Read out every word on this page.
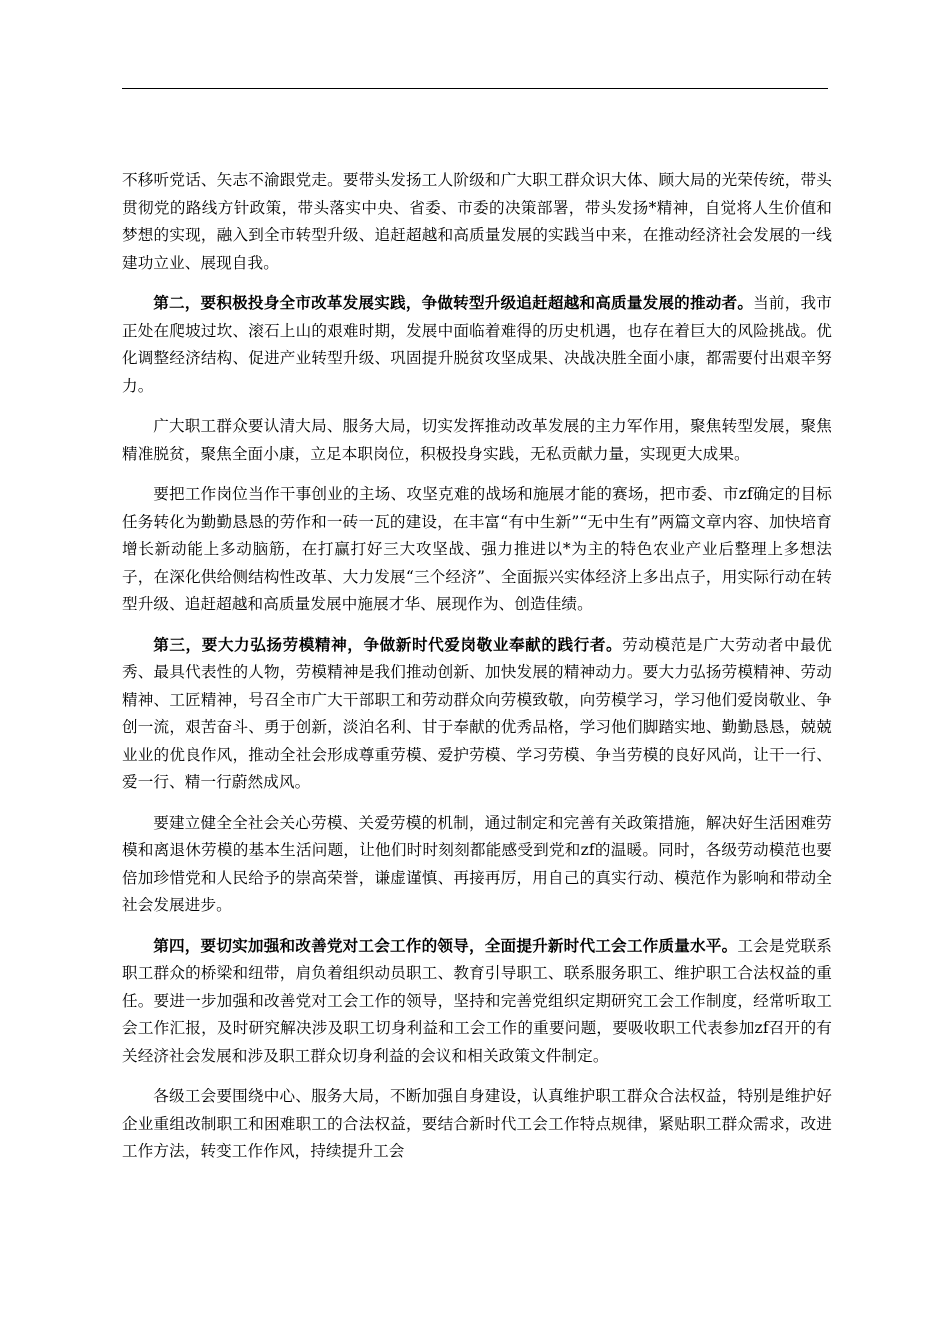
不移听党话、矢志不渝跟党走。要带头发扬工人阶级和广大职工群众识大体、顾大局的光荣传统，带头贯彻党的路线方针政策，带头落实中央、省委、市委的决策部署，带头发扬*精神，自觉将人生价值和梦想的实现，融入到全市转型升级、追赶超越和高质量发展的实践当中来，在推动经济社会发展的一线建功立业、展现自我。

第二，要积极投身全市改革发展实践，争做转型升级追赶超越和高质量发展的推动者。当前，我市正处在爬坡过坎、滚石上山的艰难时期，发展中面临着难得的历史机遇，也存在着巨大的风险挑战。优化调整经济结构、促进产业转型升级、巩固提升脱贫攻坚成果、决战决胜全面小康，都需要付出艰辛努力。

广大职工群众要认清大局、服务大局，切实发挥推动改革发展的主力军作用，聚焦转型发展，聚焦精准脱贫，聚焦全面小康，立足本职岗位，积极投身实践，无私贡献力量，实现更大成果。

要把工作岗位当作干事创业的主场、攻坚克难的战场和施展才能的赛场，把市委、市zf确定的目标任务转化为勤勤恳恳的劳作和一砖一瓦的建设，在丰富“有中生新”“无中生有”两篇文章内容、加快培育增长新动能上多动脑筋，在打赢打好三大攻坚战、强力推进以*为主的特色农业产业后整理上多想法子，在深化供给侧结构性改革、大力发展“三个经济”、全面振兴实体经济上多出点子，用实际行动在转型升级、追赶超越和高质量发展中施展才华、展现作为、创造佳绩。

第三，要大力弘扬劳模精神，争做新时代爱岗敬业奉献的践行者。劳动模范是广大劳动者中最优秀、最具代表性的人物，劳模精神是我们推动创新、加快发展的精神动力。要大力弘扬劳模精神、劳动精神、工匠精神，号召全市广大干部职工和劳动群众向劳模致敬，向劳模学习，学习他们爱岗敬业、争创一流，艰苦奋斗、勇于创新，淡泊名利、甘于奉献的优秀品格，学习他们脚踏实地、勤勤恳恳，兢兢业业的优良作风，推动全社会形成尊重劳模、爱护劳模、学习劳模、争当劳模的良好风尚，让干一行、爱一行、精一行蔚然成风。

要建立健全全社会关心劳模、关爱劳模的机制，通过制定和完善有关政策措施，解决好生活困难劳模和离退休劳模的基本生活问题，让他们时时刻刻都能感受到党和zf的温暖。同时，各级劳动模范也要倍加珍惜党和人民给予的崇高荣誉，谦虚谨慎、再接再厉，用自己的真实行动、模范作为影响和带动全社会发展进步。

第四，要切实加强和改善党对工会工作的领导，全面提升新时代工会工作质量水平。工会是党联系职工群众的桥梁和纽带，肩负着组织动员职工、教育引导职工、联系服务职工、维护职工合法权益的重任。要进一步加强和改善党对工会工作的领导，坚持和完善党组织定期研究工会工作制度，经常听取工会工作汇报，及时研究解决涉及职工切身利益和工会工作的重要问题，要吸收职工代表参加zf召开的有关经济社会发展和涉及职工群众切身利益的会议和相关政策文件制定。

各级工会要围绕中心、服务大局，不断加强自身建设，认真维护职工群众合法权益，特别是维护好企业重组改制职工和困难职工的合法权益，要结合新时代工会工作特点规律，紧贴职工群众需求，改进工作方法，转变工作作风，持续提升工会
